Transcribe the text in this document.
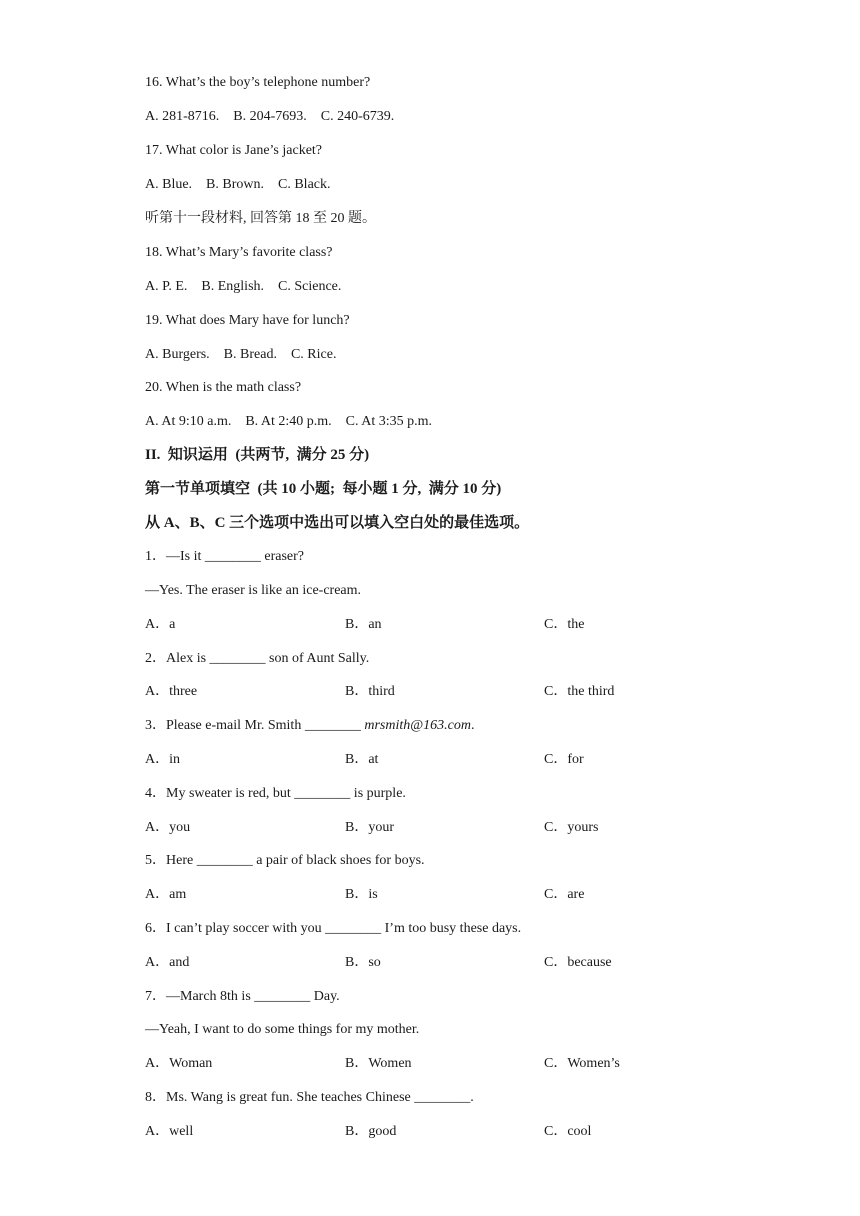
16. What’s the boy’s telephone number?
A. 281-8716.    B. 204-7693.    C. 240-6739.
17. What color is Jane’s jacket?
A. Blue.    B. Brown.    C. Black.
听第十一段材料, 回答第 18 至 20 题。
18. What’s Mary’s favorite class?
A. P. E.    B. English.    C. Science.
19. What does Mary have for lunch?
A. Burgers.    B. Bread.    C. Rice.
20. When is the math class?
A. At 9:10 a.m.    B. At 2:40 p.m.    C. At 3:35 p.m.
II.  知识运用  (共两节,  满分 25 分)
第一节单项填空  (共 10 小题;  每小题 1 分,  满分 10 分)
从 A、B、C 三个选项中选出可以填入空白处的最佳选项。
1．—Is it ________ eraser?
—Yes. The eraser is like an ice-cream.
A．a	B．an	C．the
2．Alex is ________ son of Aunt Sally.
A．three	B．third	C．the third
3．Please e-mail Mr. Smith ________ mrsmith@163.com.
A．in	B．at	C．for
4．My sweater is red, but ________ is purple.
A．you	B．your	C．yours
5．Here ________ a pair of black shoes for boys.
A．am	B．is	C．are
6．I can’t play soccer with you ________ I’m too busy these days.
A．and	B．so	C．because
7．—March 8th is ________ Day.
—Yeah, I want to do some things for my mother.
A．Woman	B．Women	C．Women’s
8．Ms. Wang is great fun. She teaches Chinese ________.
A．well	B．good	C．cool
